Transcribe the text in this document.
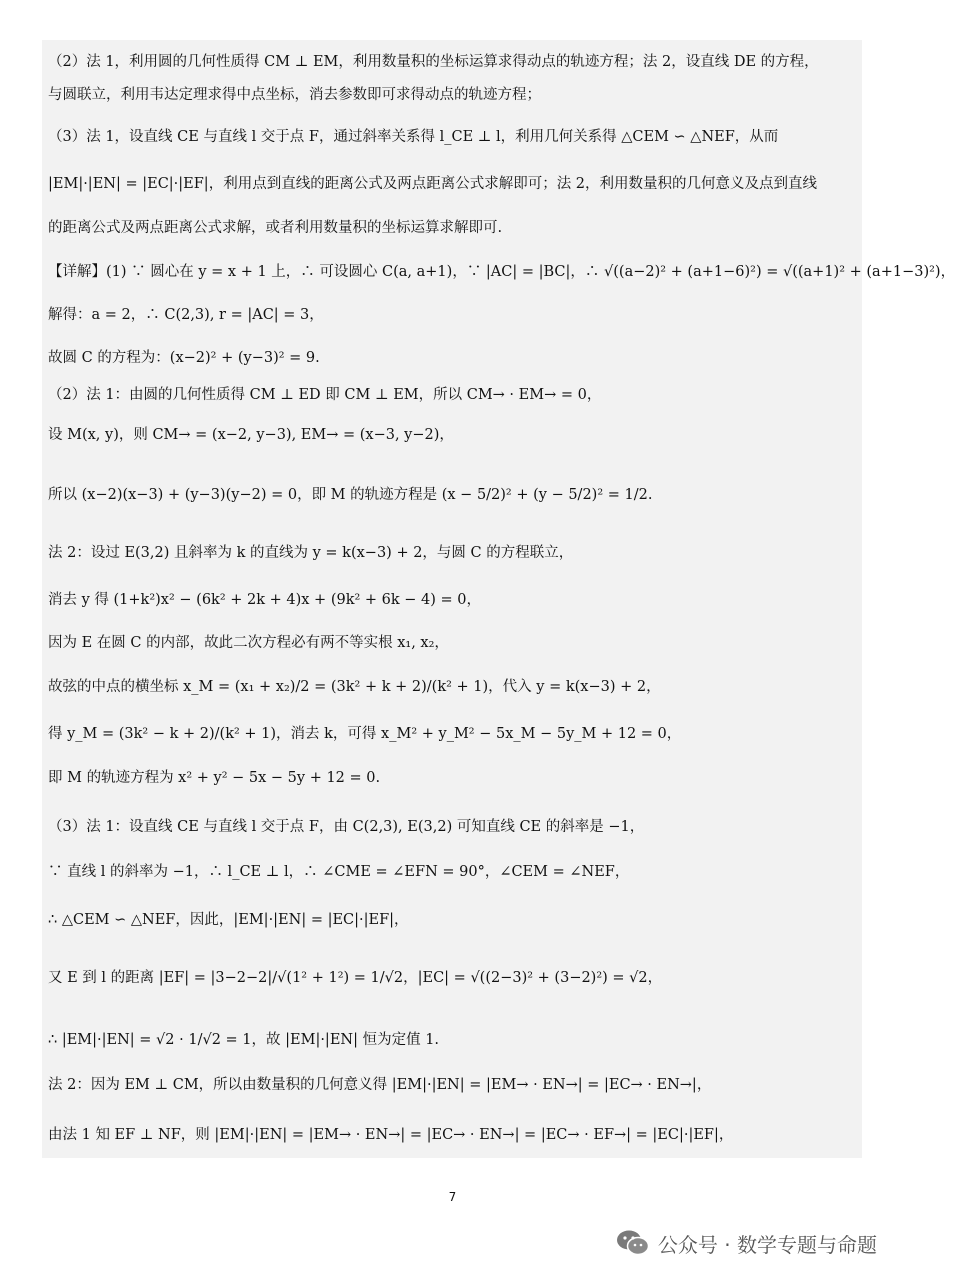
（2）法 1，利用圆的几何性质得 CM ⊥ EM，利用数量积的坐标运算求得动点的轨迹方程；法 2，设直线 DE 的方程，
与圆联立，利用韦达定理求得中点坐标，消去参数即可求得动点的轨迹方程；
（3）法 1，设直线 CE 与直线 l 交于点 F，通过斜率关系得 l_CE ⊥ l，利用几何关系得 △CEM ∽ △NEF，从而
|EM|·|EN| = |EC|·|EF|，利用点到直线的距离公式及两点距离公式求解即可；法 2，利用数量积的几何意义及点到直线
的距离公式及两点距离公式求解，或者利用数量积的坐标运算求解即可.
【详解】(1) ∵ 圆心在 y = x + 1 上，∴ 可设圆心 C(a, a+1)，∵ |AC| = |BC|，∴ √((a−2)² + (a+1−6)²) = √((a+1)² + (a+1−3)²)，
解得：a = 2，∴ C(2,3), r = |AC| = 3，
故圆 C 的方程为：(x−2)² + (y−3)² = 9.
（2）法 1：由圆的几何性质得 CM ⊥ ED 即 CM ⊥ EM，所以 CM→ · EM→ = 0，
设 M(x, y)，则 CM→ = (x−2, y−3), EM→ = (x−3, y−2)，
所以 (x−2)(x−3) + (y−3)(y−2) = 0，即 M 的轨迹方程是 (x − 5/2)² + (y − 5/2)² = 1/2.
法 2：设过 E(3,2) 且斜率为 k 的直线为 y = k(x−3) + 2，与圆 C 的方程联立，
消去 y 得 (1+k²)x² − (6k² + 2k + 4)x + (9k² + 6k − 4) = 0，
因为 E 在圆 C 的内部，故此二次方程必有两不等实根 x₁, x₂，
故弦的中点的横坐标 x_M = (x₁ + x₂)/2 = (3k² + k + 2)/(k² + 1)，代入 y = k(x−3) + 2，
得 y_M = (3k² − k + 2)/(k² + 1)，消去 k，可得 x_M² + y_M² − 5x_M − 5y_M + 12 = 0，
即 M 的轨迹方程为 x² + y² − 5x − 5y + 12 = 0.
（3）法 1：设直线 CE 与直线 l 交于点 F，由 C(2,3), E(3,2) 可知直线 CE 的斜率是 −1，
∵ 直线 l 的斜率为 −1，∴ l_CE ⊥ l，∴ ∠CME = ∠EFN = 90°，∠CEM = ∠NEF，
∴ △CEM ∽ △NEF，因此，|EM|·|EN| = |EC|·|EF|，
又 E 到 l 的距离 |EF| = |3−2−2|/√(1² + 1²) = 1/√2，|EC| = √((2−3)² + (3−2)²) = √2，
∴ |EM|·|EN| = √2 · 1/√2 = 1，故 |EM|·|EN| 恒为定值 1.
法 2：因为 EM ⊥ CM，所以由数量积的几何意义得 |EM|·|EN| = |EM→ · EN→| = |EC→ · EN→|，
由法 1 知 EF ⊥ NF，则 |EM|·|EN| = |EM→ · EN→| = |EC→ · EN→| = |EC→ · EF→| = |EC|·|EF|，
7
公众号 · 数学专题与命题
